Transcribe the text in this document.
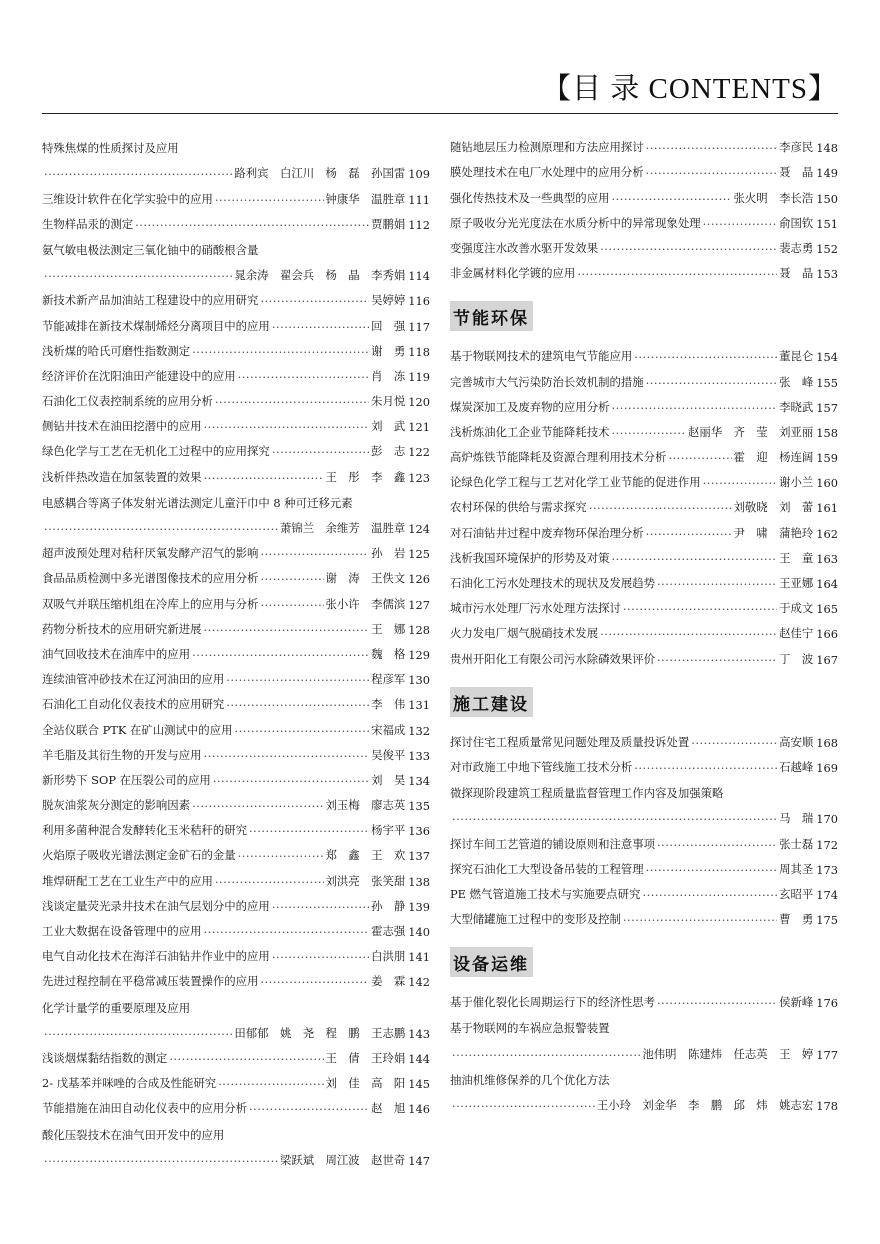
【目 录 CONTENTS】
特殊焦煤的性质探讨及应用
·····
路利宾　白江川　杨　磊　孙国雷 109
三维设计软件在化学实验中的应用 ·····	钟康华　温胜章 111
生物样品汞的测定 ·····	贾鹏娟 112
氨气敏电极法测定三氧化铀中的硝酸根含量
·····
晁余涛　翟会兵　杨　晶　李秀娟 114
新技术新产品加油站工程建设中的应用研究 ·····	吴婷婷 116
节能减排在新技术煤制烯烃分离项目中的应用 ·····	回　强 117
浅析煤的哈氏可磨性指数测定 ·····	谢　勇 118
经济评价在沈阳油田产能建设中的应用 ·····	肖　冻 119
石油化工仪表控制系统的应用分析 ·····	朱月悦 120
侧钻井技术在油田挖潜中的应用 ·····	刘　武 121
绿色化学与工艺在无机化工过程中的应用探究 ·····	彭　志 122
浅析伴热改造在加氢装置的效果 ·····	王　彤　李　鑫 123
电感耦合等离子体发射光谱法测定儿童汗巾中 8 种可迁移元素
·····
萧锦兰　余维芳　温胜章 124
超声波预处理对秸秆厌氧发酵产沼气的影响 ·····	孙　岩 125
食品品质检测中多光谱图像技术的应用分析 ·····	谢　涛　王佚文 126
双吸气并联压缩机组在冷库上的应用与分析 ·····	张小许　李儒滨 127
药物分析技术的应用研究新进展 ·····	王　娜 128
油气回收技术在油库中的应用 ·····	魏　格 129
连续油管冲砂技术在辽河油田的应用 ·····	程彦军 130
石油化工自动化仪表技术的应用研究 ·····	李　伟 131
全站仪联合 PTK 在矿山测试中的应用 ·····	宋福成 132
羊毛脂及其衍生物的开发与应用 ·····	吴俊平 133
新形势下 SOP 在压裂公司的应用 ·····	刘　昊 134
脱灰油浆灰分测定的影响因素 ·····	刘玉梅　廖志英 135
利用多菌种混合发酵转化玉米秸秆的研究 ·····	杨宇平 136
火焰原子吸收光谱法测定金矿石的金量 ·····	郑　鑫　王　欢 137
堆焊研配工艺在工业生产中的应用 ·····	刘洪亮　张笑甜 138
浅谈定量荧光录井技术在油气层划分中的应用 ·····	孙　静 139
工业大数据在设备管理中的应用 ·····	霍志强 140
电气自动化技术在海洋石油钻井作业中的应用 ·····	白洪朋 141
先进过程控制在平稳常减压装置操作的应用 ·····	姜　霖 142
化学计量学的重要原理及应用
·····
田郁郁　姚　尧　程　鹏　王志鹏 143
浅谈烟煤黏结指数的测定 ·····	王　倩　王玲娟 144
2- 戊基苯并咪唑的合成及性能研究 ·····	刘　佳　高　阳 145
节能措施在油田自动化仪表中的应用分析 ·····	赵　旭 146
酸化压裂技术在油气田开发中的应用
·····
梁跃斌　周江波　赵世奇 147
随钻地层压力检测原理和方法应用探讨 ·····	李彦民 148
膜处理技术在电厂水处理中的应用分析 ·····	聂　晶 149
强化传热技术及一些典型的应用 ·····	张火明　李长浩 150
原子吸收分光光度法在水质分析中的异常现象处理 ·····	俞国钦 151
变强度注水改善水驱开发效果 ·····	裴志勇 152
非金属材料化学镀的应用 ·····	聂　晶 153
节能环保
基于物联网技术的建筑电气节能应用 ·····	董昆仑 154
完善城市大气污染防治长效机制的措施 ·····	张　峰 155
煤炭深加工及废弃物的应用分析 ·····	李晓武 157
浅析炼油化工企业节能降耗技术 ·····	赵丽华　齐　莹　刘亚丽 158
高炉炼铁节能降耗及资源合理利用技术分析 ·····	霍　迎　杨连阔 159
论绿色化学工程与工艺对化学工业节能的促进作用 ·····	谢小兰 160
农村环保的供给与需求探究 ·····	刘敬晓　刘　蕾 161
对石油钻井过程中废弃物环保治理分析 ·····	尹　啸　蒲艳玲 162
浅析我国环境保护的形势及对策 ·····	王　童 163
石油化工污水处理技术的现状及发展趋势 ·····	王亚娜 164
城市污水处理厂污水处理方法探讨 ·····	于成文 165
火力发电厂烟气脱硝技术发展 ·····	赵佳宁 166
贵州开阳化工有限公司污水除磷效果评价 ·····	丁　波 167
施工建设
探讨住宅工程质量常见问题处理及质量投诉处置 ·····	高安顺 168
对市政施工中地下管线施工技术分析 ·····	石越峰 169
微探现阶段建筑工程质量监督管理工作内容及加强策略
·····
马　瑞 170
探讨车间工艺管道的铺设原则和注意事项 ·····	张士磊 172
探究石油化工大型设备吊装的工程管理 ·····	周其圣 173
PE 燃气管道施工技术与实施要点研究 ·····	玄昭平 174
大型储罐施工过程中的变形及控制 ·····	曹　勇 175
设备运维
基于催化裂化长周期运行下的经济性思考 ·····	侯新峰 176
基于物联网的车祸应急报警装置
·····
池伟明　陈建炜　任志英　王　婷 177
抽油机维修保养的几个优化方法
·····
王小玲　刘金华　李　鹏　邱　炜　姚志宏 178
